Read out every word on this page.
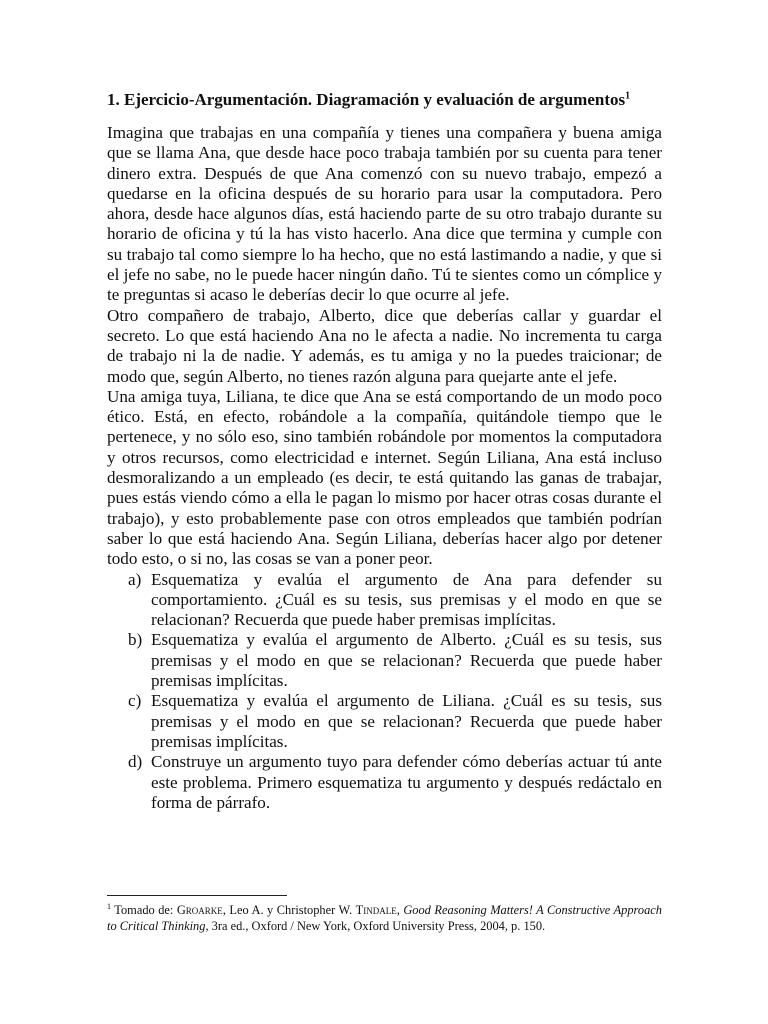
1. Ejercicio-Argumentación. Diagramación y evaluación de argumentos$^1$

Imagina que trabajas en una compañía y tienes una compañera y buena amiga que se llama Ana, que desde hace poco trabaja también por su cuenta para tener dinero extra. Después de que Ana comenzó con su nuevo trabajo, empezó a quedarse en la oficina después de su horario para usar la computadora. Pero ahora, desde hace algunos días, está haciendo parte de su otro trabajo durante su horario de oficina y tú la has visto hacerlo. Ana dice que termina y cumple con su trabajo tal como siempre lo ha hecho, que no está lastimando a nadie, y que si el jefe no sabe, no le puede hacer ningún daño. Tú te sientes como un cómplice y te preguntas si acaso le deberías decir lo que ocurre al jefe.

Otro compañero de trabajo, Alberto, dice que deberías callar y guardar el secreto. Lo que está haciendo Ana no le afecta a nadie. No incrementa tu carga de trabajo ni la de nadie. Y además, es tu amiga y no la puedes traicionar; de modo que, según Alberto, no tienes razón alguna para quejarte ante el jefe.

Una amiga tuya, Liliana, te dice que Ana se está comportando de un modo poco ético. Está, en efecto, robándole a la compañía, quitándole tiempo que le pertenece, y no sólo eso, sino también robándole por momentos la computadora y otros recursos, como electricidad e internet. Según Liliana, Ana está incluso desmoralizando a un empleado (es decir, te está quitando las ganas de trabajar, pues estás viendo cómo a ella le pagan lo mismo por hacer otras cosas durante el trabajo), y esto probablemente pase con otros empleados que también podrían saber lo que está haciendo Ana. Según Liliana, deberías hacer algo por detener todo esto, o si no, las cosas se van a poner peor.

a) Esquematiza y evalúa el argumento de Ana para defender su comportamiento. ¿Cuál es su tesis, sus premisas y el modo en que se relacionan? Recuerda que puede haber premisas implícitas.
b) Esquematiza y evalúa el argumento de Alberto. ¿Cuál es su tesis, sus premisas y el modo en que se relacionan? Recuerda que puede haber premisas implícitas.
c) Esquematiza y evalúa el argumento de Liliana. ¿Cuál es su tesis, sus premisas y el modo en que se relacionan? Recuerda que puede haber premisas implícitas.
d) Construye un argumento tuyo para defender cómo deberías actuar tú ante este problema. Primero esquematiza tu argumento y después redáctalo en forma de párrafo.
$^1$ Tomado de: Groarke, Leo A. y Christopher W. Tindale, Good Reasoning Matters! A Constructive Approach to Critical Thinking, 3ra ed., Oxford / New York, Oxford University Press, 2004, p. 150.
